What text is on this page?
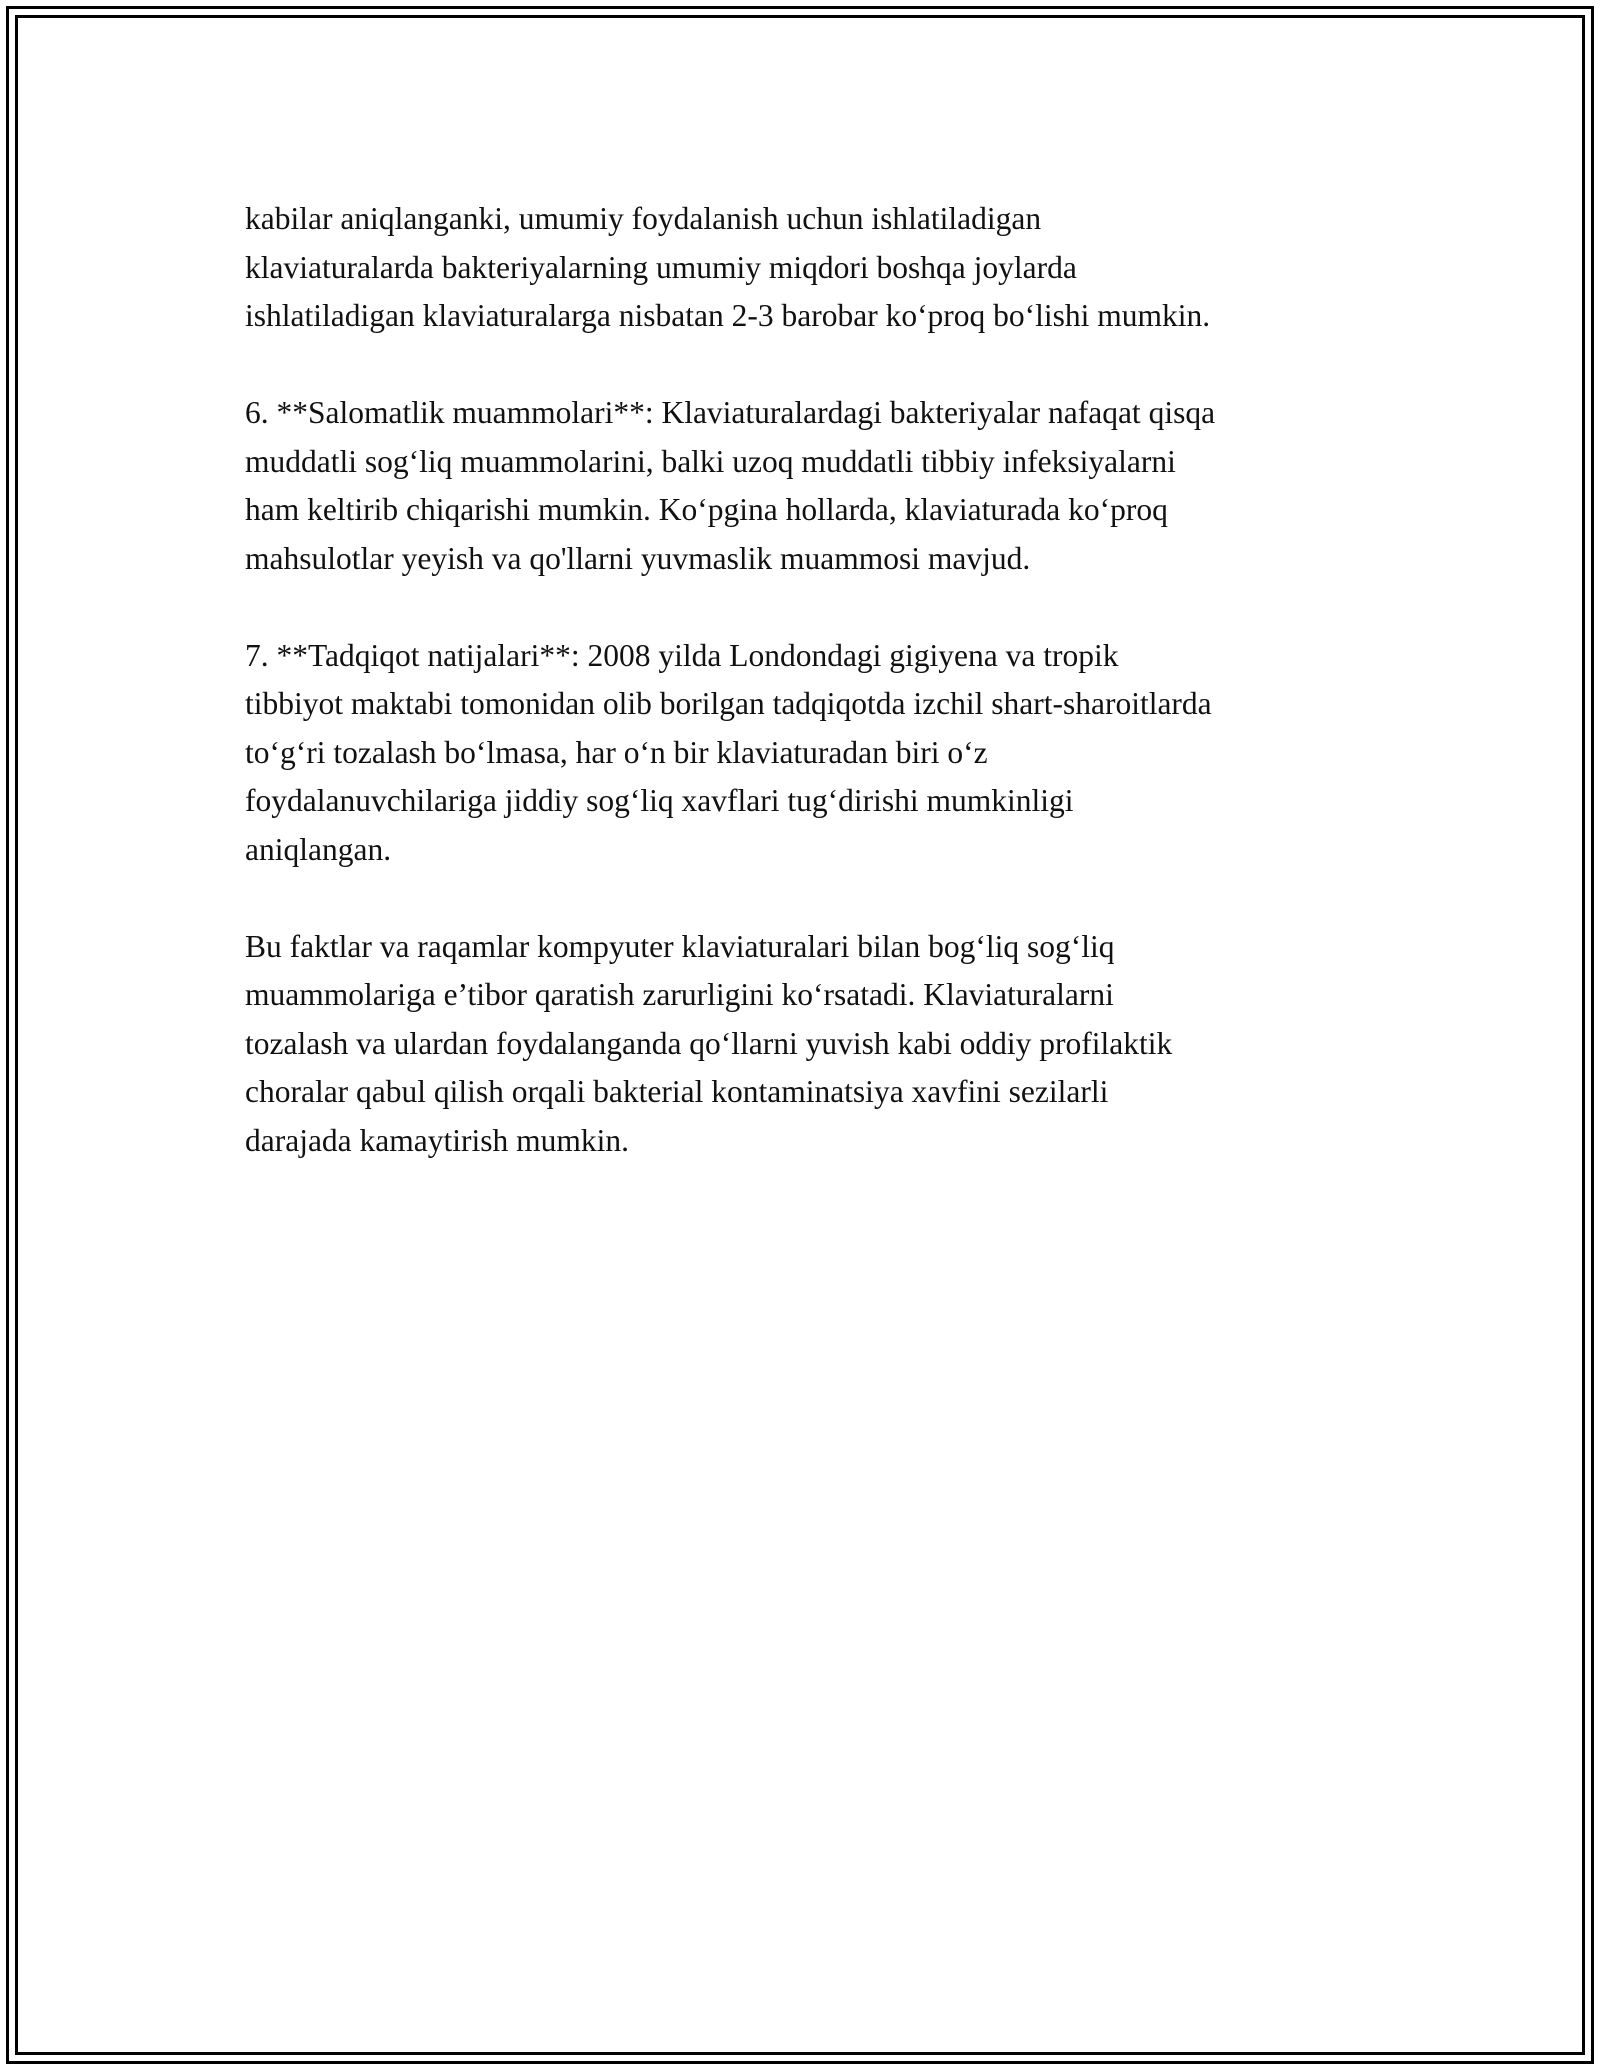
kabilar aniqlanganki, umumiy foydalanish uchun ishlatiladigan
klaviaturalarda bakteriyalarning umumiy miqdori boshqa joylarda
ishlatiladigan klaviaturalarga nisbatan 2-3 barobar koʻproq boʻlishi mumkin.

6. **Salomatlik muammolari**: Klaviaturalardagi bakteriyalar nafaqat qisqa
muddatli sogʻliq muammolarini, balki uzoq muddatli tibbiy infeksiyalarni
ham keltirib chiqarishi mumkin. Koʻpgina hollarda, klaviaturada koʻproq
mahsulotlar yeyish va qo'llarni yuvmaslik muammosi mavjud.

7. **Tadqiqot natijalari**: 2008 yilda Londondagi gigiyena va tropik
tibbiyot maktabi tomonidan olib borilgan tadqiqotda izchil shart-sharoitlarda
toʻgʻri tozalash boʻlmasa, har oʻn bir klaviaturadan biri oʻz
foydalanuvchilariga jiddiy sogʻliq xavflari tugʻdirishi mumkinligi
aniqlangan.

Bu faktlar va raqamlar kompyuter klaviaturalari bilan bogʻliq sogʻliq
muammolariga e’tibor qaratish zarurligini koʻrsatadi. Klaviaturalarni
tozalash va ulardan foydalanganda qoʻllarni yuvish kabi oddiy profilaktik
choralar qabul qilish orqali bakterial kontaminatsiya xavfini sezilarli
darajada kamaytirish mumkin.
